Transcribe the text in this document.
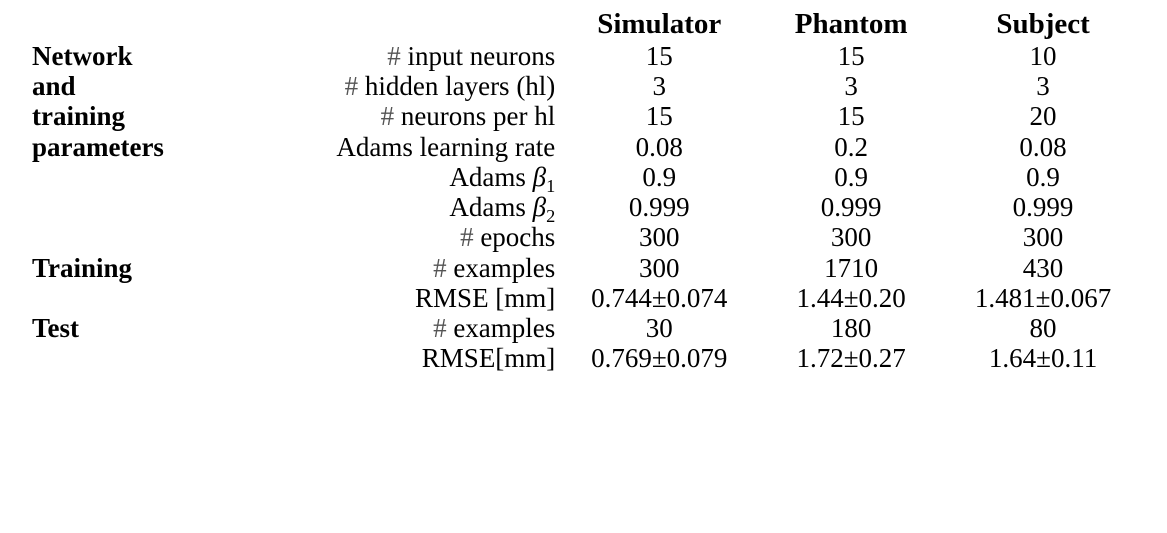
		Simulator	Phantom	Subject
Network	# input neurons	15	15	10
and	# hidden layers (hl)	3	3	3
training	# neurons per hl	15	15	20
parameters	Adams learning rate	0.08	0.2	0.08
	Adams $\beta_1$	0.9	0.9	0.9
	Adams $\beta_2$	0.999	0.999	0.999
	# epochs	300	300	300
Training	# examples	300	1710	430
	RMSE [mm]	0.744±0.074	1.44±0.20	1.481±0.067
Test	# examples	30	180	80
	RMSE[mm]	0.769±0.079	1.72±0.27	1.64±0.11
